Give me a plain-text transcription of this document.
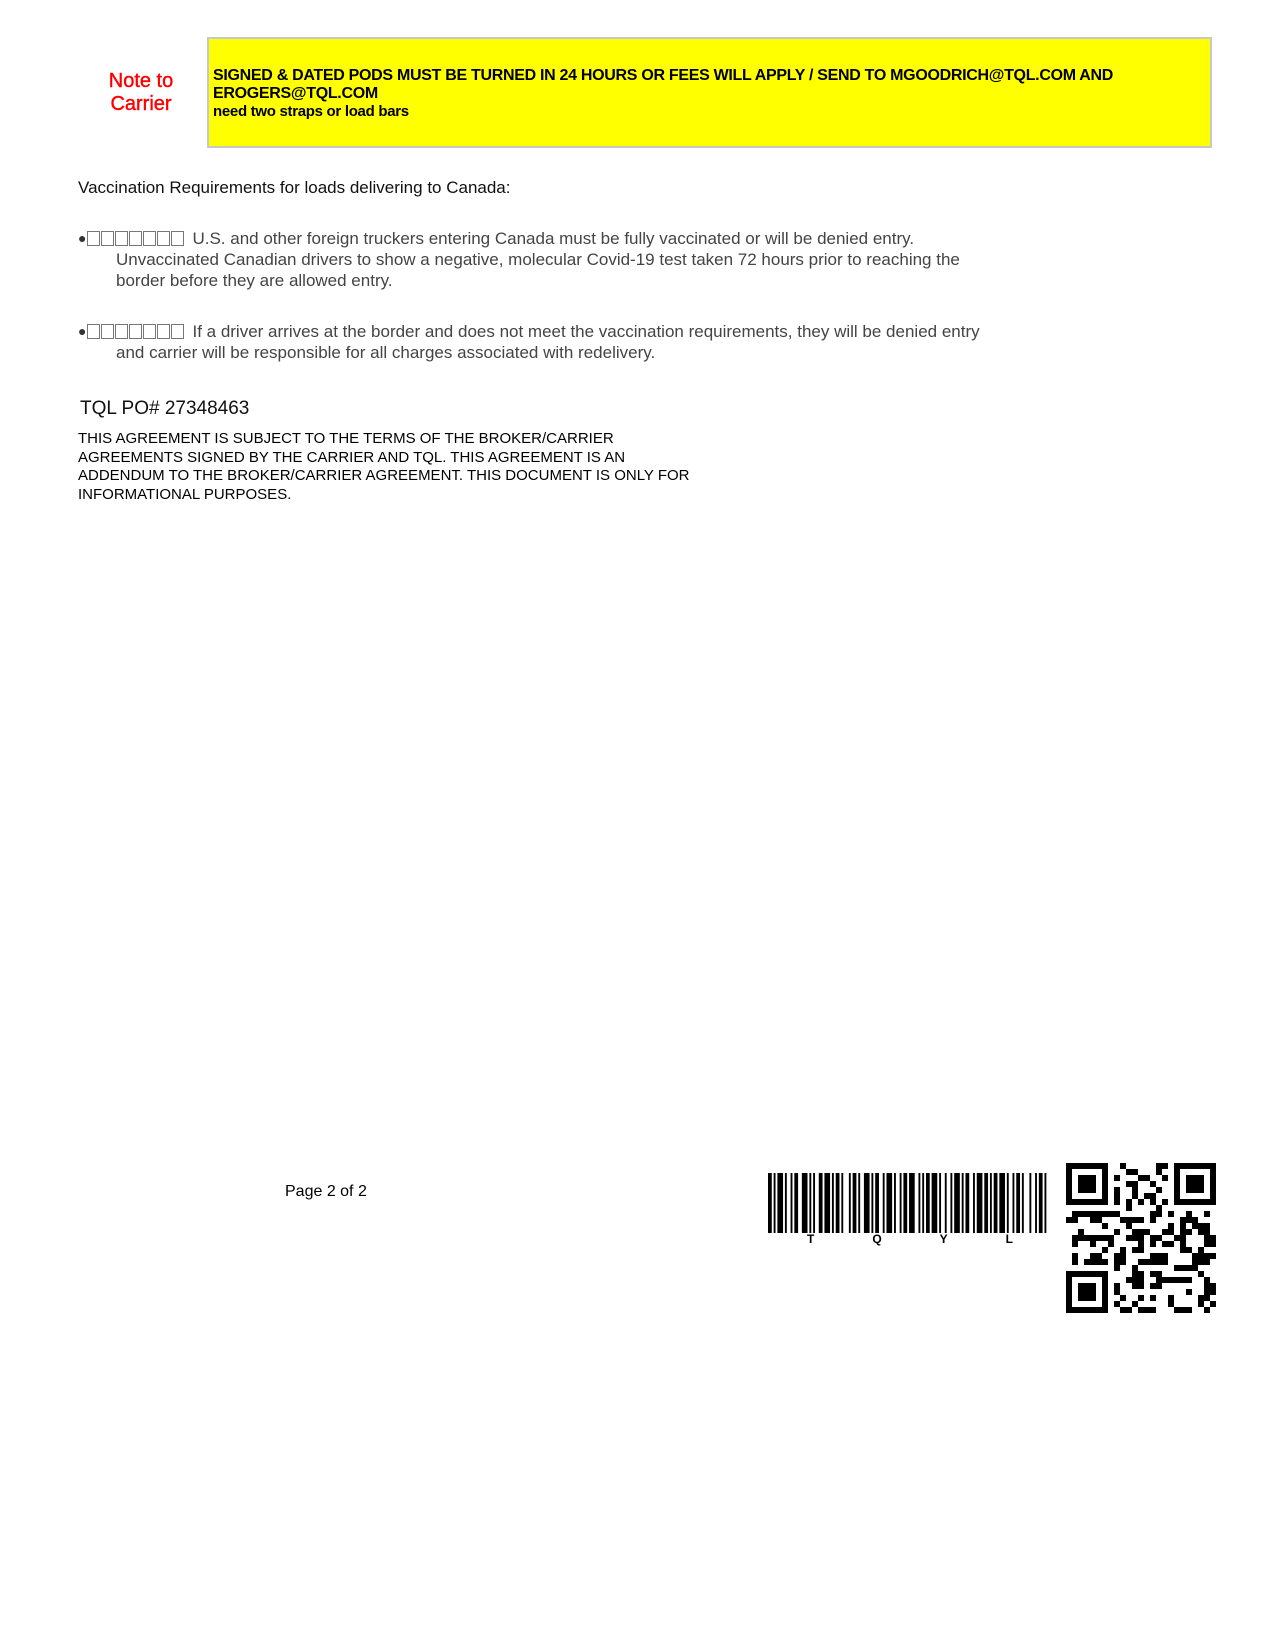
Note to
Carrier
SIGNED & DATED PODS MUST BE TURNED IN 24 HOURS OR FEES WILL APPLY / SEND TO MGOODRICH@TQL.COM AND
EROGERS@TQL.COM
need two straps or load bars
Vaccination Requirements for loads delivering to Canada:
●	U.S. and other foreign truckers entering Canada must be fully vaccinated or will be denied entry.
Unvaccinated Canadian drivers to show a negative, molecular Covid-19 test taken 72 hours prior to reaching the
border before they are allowed entry.
●	If a driver arrives at the border and does not meet the vaccination requirements, they will be denied entry
and carrier will be responsible for all charges associated with redelivery.
TQL PO# 27348463
THIS AGREEMENT IS SUBJECT TO THE TERMS OF THE BROKER/CARRIER
AGREEMENTS SIGNED BY THE CARRIER AND TQL. THIS AGREEMENT IS AN
ADDENDUM TO THE BROKER/CARRIER AGREEMENT. THIS DOCUMENT IS ONLY FOR
INFORMATIONAL PURPOSES.
Page 2 of 2
T	Q	Y	L
